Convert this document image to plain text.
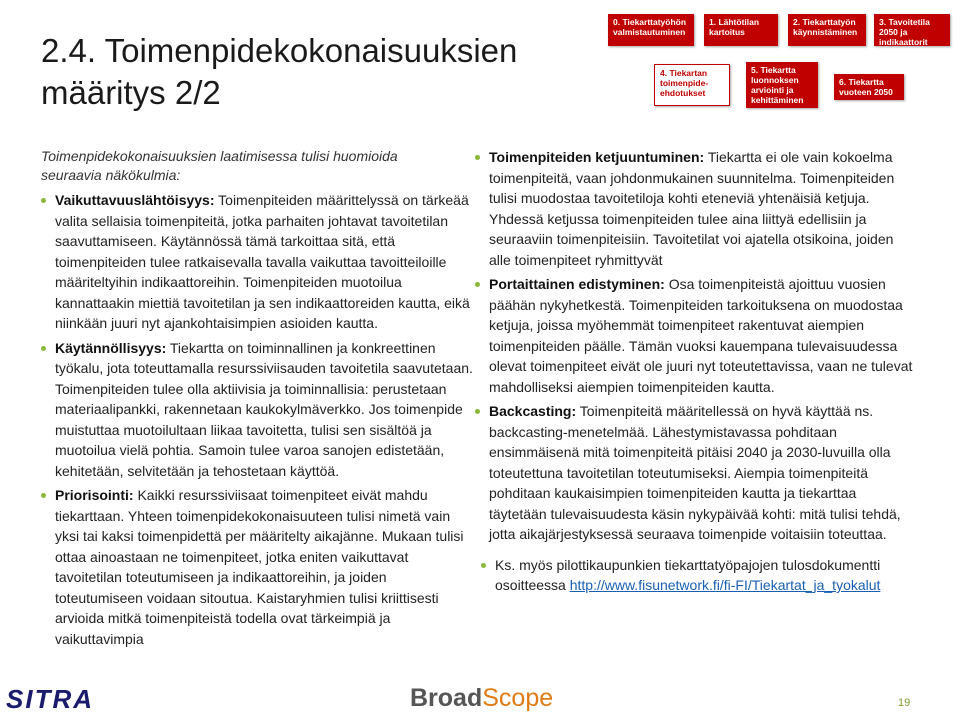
2.4. Toimenpidekokonaisuuksien määritys 2/2
0. Tiekarttatyöhön valmistautuminen
1. Lähtötilan kartoitus
2. Tiekarttatyön käynnistäminen
3. Tavoitetila 2050 ja indikaattorit
4. Tiekartan toimenpide-ehdotukset
5. Tiekartta luonnoksen arviointi ja kehittäminen
6. Tiekartta vuoteen 2050
Toimenpidekokonaisuuksien laatimisessa tulisi huomioida seuraavia näkökulmia:
Vaikuttavuuslähtöisyys: Toimenpiteiden määrittelyssä on tärkeää valita sellaisia toimenpiteitä, jotka parhaiten johtavat tavoitetilan saavuttamiseen. Käytännössä tämä tarkoittaa sitä, että toimenpiteiden tulee ratkaisevalla tavalla vaikuttaa tavoitteiloille määriteltyihin indikaattoreihin. Toimenpiteiden muotoilua kannattaakin miettiä tavoitetilan ja sen indikaattoreiden kautta, eikä niinkään juuri nyt ajankohtaisimpien asioiden kautta.
Käytännöllisyys: Tiekartta on toiminnallinen ja konkreettinen työkalu, jota toteuttamalla resurssiviisauden tavoitetila saavutetaan. Toimenpiteiden tulee olla aktiivisia ja toiminnallisia: perustetaan materiaalipankki, rakennetaan kaukokylmäverkko. Jos toimenpide muistuttaa muotoilultaan liikaa tavoitetta, tulisi sen sisältöä ja muotoilua vielä pohtia. Samoin tulee varoa sanojen edistetään, kehitetään, selvitetään ja tehostetaan käyttöä.
Priorisointi: Kaikki resurssiviisaat toimenpiteet eivät mahdu tiekarttaan. Yhteen toimenpidekokonaisuuteen tulisi nimetä vain yksi tai kaksi toimenpidettä per määritelty aikajänne. Mukaan tulisi ottaa ainoastaan ne toimenpiteet, jotka eniten vaikuttavat tavoitetilan toteutumiseen ja indikaattoreihin, ja joiden toteutumiseen voidaan sitoutua. Kaistaryhmien tulisi kriittisesti arvioida mitkä toimenpiteistä todella ovat tärkeimpiä ja vaikuttavimpia
Toimenpiteiden ketjuuntuminen: Tiekartta ei ole vain kokoelma toimenpiteitä, vaan johdonmukainen suunnitelma. Toimenpiteiden tulisi muodostaa tavoitetiloja kohti eteneviä yhtenäisiä ketjuja. Yhdessä ketjussa toimenpiteiden tulee aina liittyä edellisiin ja seuraaviin toimenpiteisiin. Tavoitetilat voi ajatella otsikoina, joiden alle toimenpiteet ryhmittyvät
Portaittainen edistyminen: Osa toimenpiteistä ajoittuu vuosien päähän nykyhetkestä. Toimenpiteiden tarkoituksena on muodostaa ketjuja, joissa myöhemmät toimenpiteet rakentuvat aiempien toimenpiteiden päälle. Tämän vuoksi kauempana tulevaisuudessa olevat toimenpiteet eivät ole juuri nyt toteutettavissa, vaan ne tulevat mahdolliseksi aiempien toimenpiteiden kautta.
Backcasting: Toimenpiteitä määritellessä on hyvä käyttää ns. backcasting-menetelmää. Lähestymistavassa pohditaan ensimmäisenä mitä toimenpiteitä pitäisi 2040 ja 2030-luvuilla olla toteutettuna tavoitetilan toteutumiseksi. Aiempia toimenpiteitä pohditaan kaukaisimpien toimenpiteiden kautta ja tiekarttaa täytetään tulevaisuudesta käsin nykypäivää kohti: mitä tulisi tehdä, jotta aikajärjestyksessä seuraava toimenpide voitaisiin toteuttaa.
Ks. myös pilottikaupunkien tiekarttatyöpajojen tulosdokumentti osoitteessa http://www.fisunetwork.fi/fi-FI/Tiekartat_ja_tyokalut
SITRA	BroadScope	19
